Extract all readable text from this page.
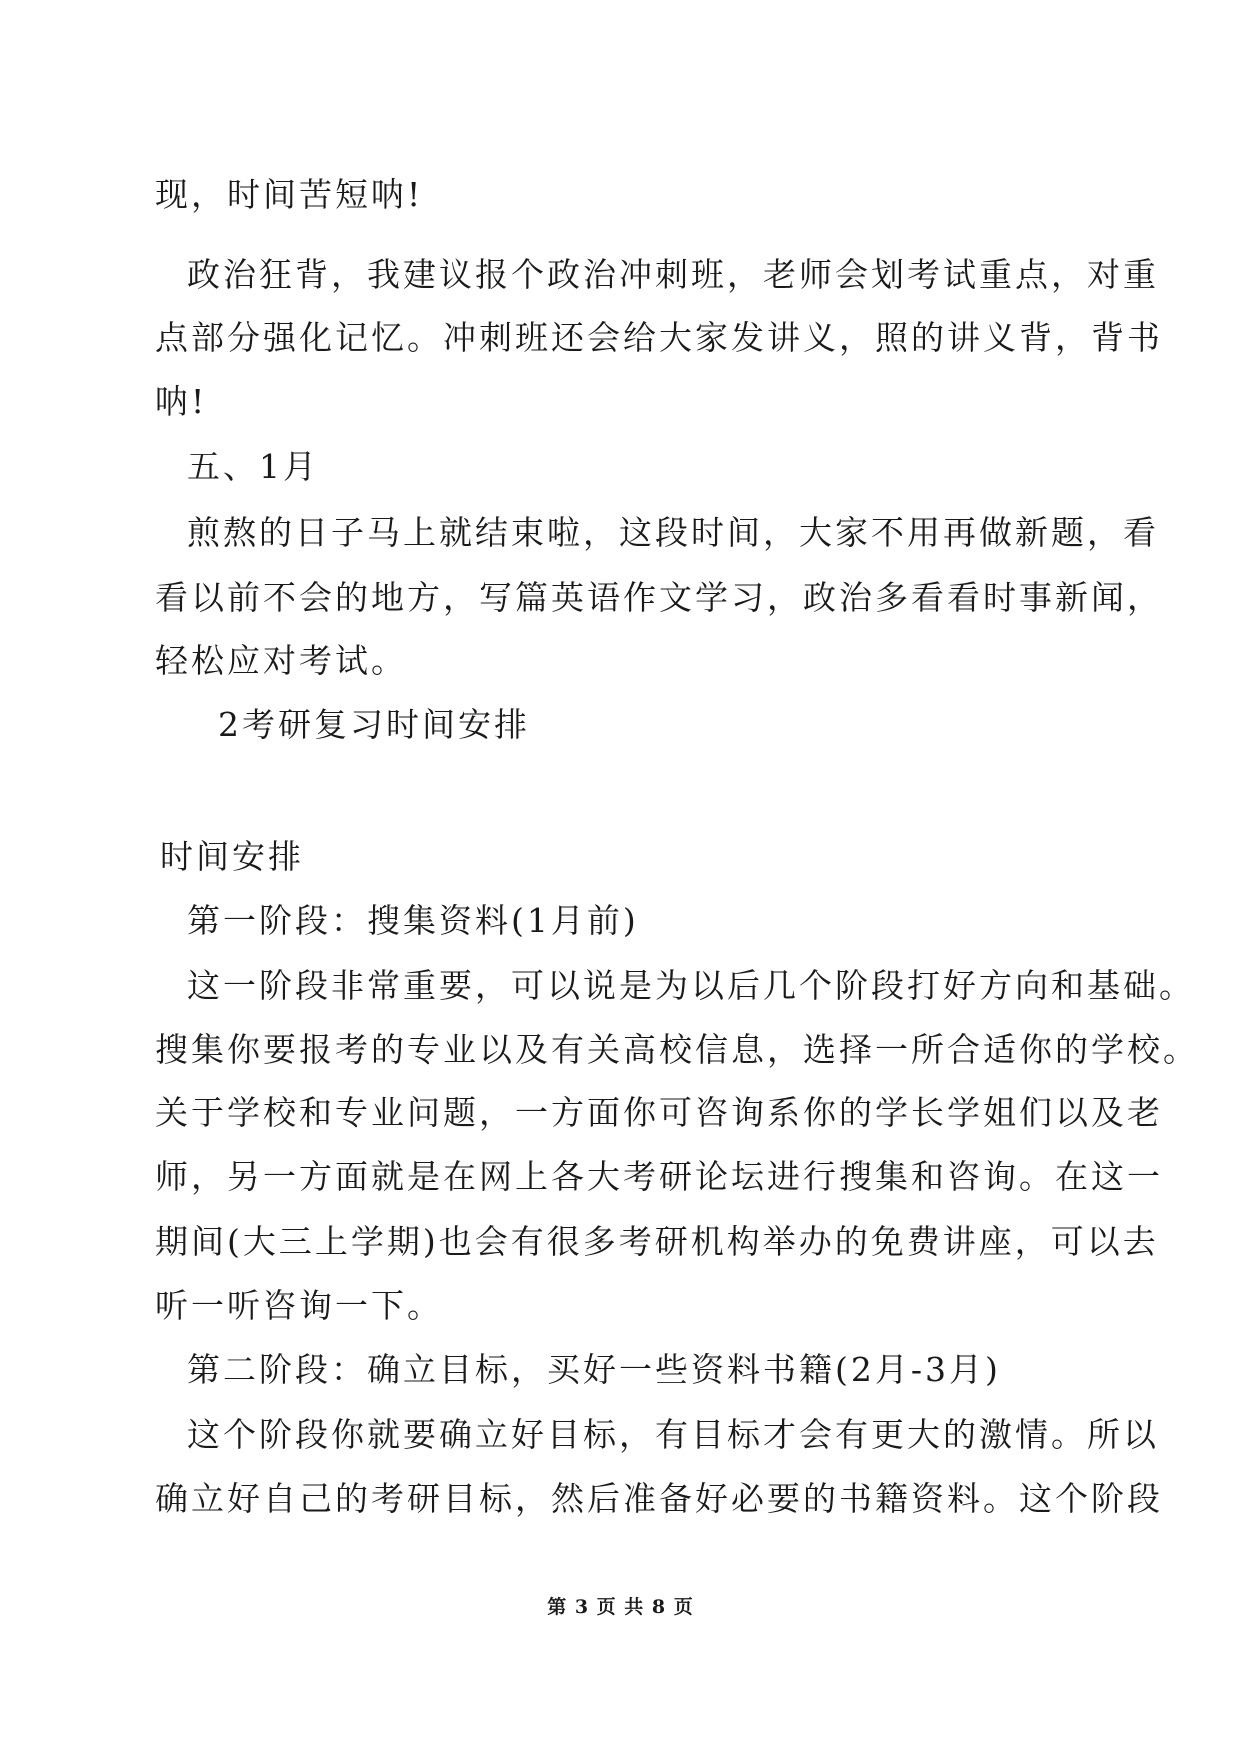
现，时间苦短呐!
政治狂背，我建议报个政治冲刺班，老师会划考试重点，对重
点部分强化记忆。冲刺班还会给大家发讲义，照的讲义背，背书
呐!
五、1月
煎熬的日子马上就结束啦，这段时间，大家不用再做新题，看
看以前不会的地方，写篇英语作文学习，政治多看看时事新闻，
轻松应对考试。
2考研复习时间安排
时间安排
第一阶段：搜集资料(1月前)
这一阶段非常重要，可以说是为以后几个阶段打好方向和基础。
搜集你要报考的专业以及有关高校信息，选择一所合适你的学校。
关于学校和专业问题，一方面你可咨询系你的学长学姐们以及老
师，另一方面就是在网上各大考研论坛进行搜集和咨询。在这一
期间(大三上学期)也会有很多考研机构举办的免费讲座，可以去
听一听咨询一下。
第二阶段：确立目标，买好一些资料书籍(2月-3月)
这个阶段你就要确立好目标，有目标才会有更大的激情。所以
确立好自己的考研目标，然后准备好必要的书籍资料。这个阶段
第 3 页 共 8 页
